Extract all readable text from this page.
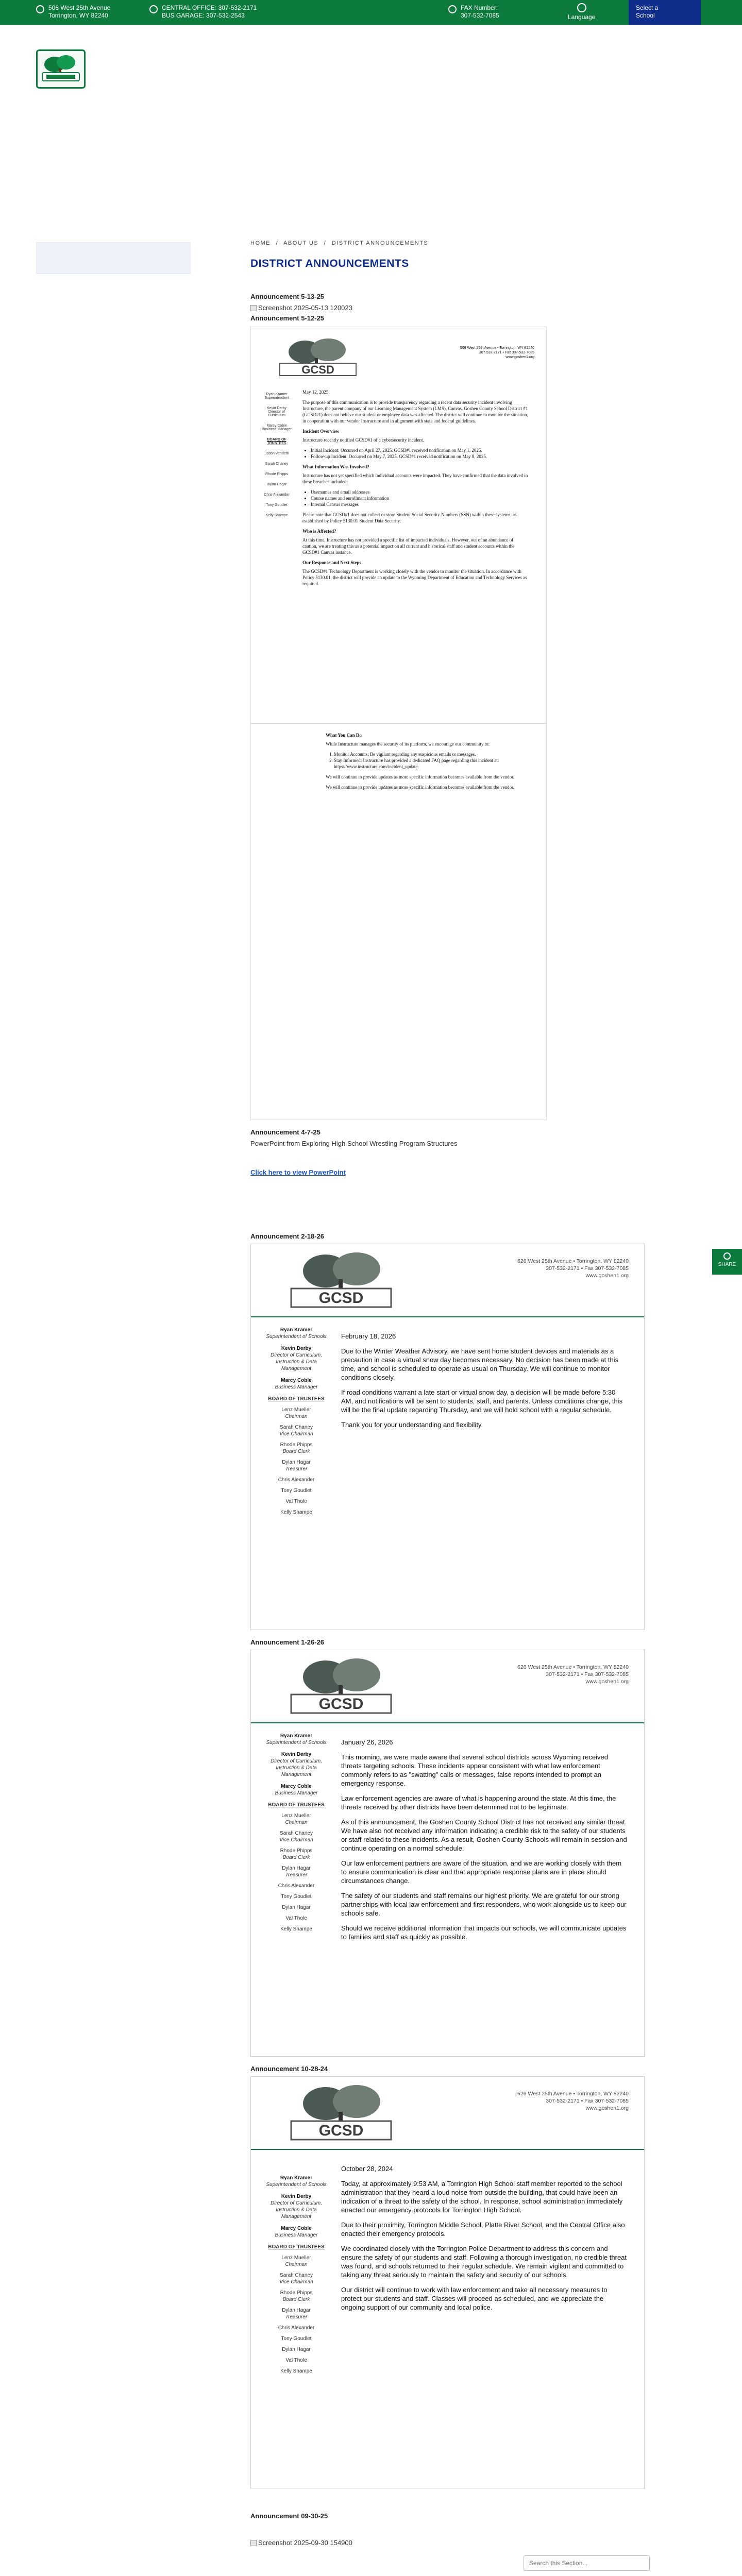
508 West 25th Avenue
Torrington, WY 82240
CENTRAL OFFICE: 307-532-2171
BUS GARAGE: 307-532-2543
FAX Number:
307-532-7085	Language
Select a
School
HOME / ABOUT US / DISTRICT ANNOUNCEMENTS
DISTRICT ANNOUNCEMENTS
Announcement 5-13-25
Screenshot 2025-05-13 120023
Announcement 5-12-25
GCSD

Ryan Kramer
Superintendent

Kevin Derby
Director of Curriculum

Marcy Coble
Business Manager

BOARD OF TRUSTEES

Jason Vendetti

Sarah Chaney

Rhode Phipps

Dylan Hagar

Chris Alexander

Tony Goudlet

Kelly Shampe

508 West 25th Avenue • Torrington, WY 82240
307-532-2171 • Fax 307-532-7085
www.goshen1.org

May 12, 2025

The purpose of this communication is to provide transparency regarding a recent data security incident involving Instructure, the parent company of our Learning Management System (LMS), Canvas. Goshen County School District #1 (GCSD#1) does not believe our student or employee data was affected. The district will continue to monitor the situation, in cooperation with our vendor Instructure and in alignment with state and federal guidelines.

Incident Overview

Instructure recently notified GCSD#1 of a cybersecurity incident.

• Initial Incident: Occurred on April 27, 2025. GCSD#1 received notification on May 1, 2025.
• Follow-up Incident: Occurred on May 7, 2025. GCSD#1 received notification on May 8, 2025.
What Information Was Involved?

Instructure has not yet specified which individual accounts were impacted. They have confirmed that the data involved in these breaches included:

• Usernames and email addresses
• Course names and enrollment information
• Internal Canvas messages

Please note that GCSD#1 does not collect or store Student Social Security Numbers (SSN) within these systems, as established by Policy 5130.01 Student Data Security.

Who is Affected?

At this time, Instructure has not provided a specific list of impacted individuals. However, out of an abundance of caution, we are treating this as a potential impact on all current and historical staff and student accounts within the GCSD#1 Canvas instance.

Our Response and Next Steps

The GCSD#1 Technology Department is working closely with the vendor to monitor the situation. In accordance with Policy 5130.01, the district will provide an update to the Wyoming Department of Education and Technology Services as required.

What You Can Do

While Instructure manages the security of its platform, we encourage our community to:

1. Monitor Accounts: Be vigilant regarding any suspicious emails or messages.
2. Stay Informed: Instructure has provided a dedicated FAQ page regarding this incident at: https://www.instructure.com/incident_update

We will continue to provide updates as more specific information becomes available from the vendor.

We will continue to provide updates as more specific information becomes available from the vendor.

Announcement 4-7-25
PowerPoint from Exploring High School Wrestling Program Structures
Click here to view PowerPoint
Announcement 2-18-26
GCSD
626 West 25th Avenue • Torrington, WY 82240
307-532-2171 • Fax 307-532-7085
www.goshen1.org
Ryan Kramer
Superintendent of Schools
Kevin Derby
Director of Curriculum, Instruction & Data Management
Marcy Coble
Business Manager
BOARD OF TRUSTEES
Lenz Mueller
Chairman
Sarah Chaney
Vice Chairman
Rhode Phipps
Board Clerk
Dylan Hagar
Treasurer
Chris Alexander
Tony Goudlet
Val Thole
Kelly Shampe

February 18, 2026

Due to the Winter Weather Advisory, we have sent home student devices and materials as a precaution in case a virtual snow day becomes necessary. No decision has been made at this time, and school is scheduled to operate as usual on Thursday. We will continue to monitor conditions closely.

If road conditions warrant a late start or virtual snow day, a decision will be made before 5:30 AM, and notifications will be sent to students, staff, and parents. Unless conditions change, this will be the final update regarding Thursday, and we will hold school with a regular schedule.

Thank you for your understanding and flexibility.

Announcement 1-26-26
GCSD
626 West 25th Avenue • Torrington, WY 82240
307-532-2171 • Fax 307-532-7085
www.goshen1.org
Ryan Kramer
Superintendent of Schools
Kevin Derby
Director of Curriculum, Instruction & Data Management
Marcy Coble
Business Manager
BOARD OF TRUSTEES
Lenz Mueller
Chairman
Sarah Chaney
Vice Chairman
Rhode Phipps
Board Clerk
Dylan Hagar
Treasurer
Chris Alexander
Tony Goudlet
Dylan Hagar
Val Thole
Kelly Shampe

January 26, 2026

This morning, we were made aware that several school districts across Wyoming received threats targeting schools. These incidents appear consistent with what law enforcement commonly refers to as "swatting" calls or messages, false reports intended to prompt an emergency response.

Law enforcement agencies are aware of what is happening around the state. At this time, the threats received by other districts have been determined not to be legitimate.

As of this announcement, the Goshen County School District has not received any similar threat. We have also not received any information indicating a credible risk to the safety of our students or staff related to these incidents. As a result, Goshen County Schools will remain in session and continue operating on a normal schedule.

Our law enforcement partners are aware of the situation, and we are working closely with them to ensure communication is clear and that appropriate response plans are in place should circumstances change.

The safety of our students and staff remains our highest priority. We are grateful for our strong partnerships with local law enforcement and first responders, who work alongside us to keep our schools safe.

Should we receive additional information that impacts our schools, we will communicate updates to families and staff as quickly as possible.

Announcement 10-28-24
GCSD
626 West 25th Avenue • Torrington, WY 82240
307-532-2171 • Fax 307-532-7085
www.goshen1.org
Ryan Kramer
Superintendent of Schools
Kevin Derby
Director of Curriculum, Instruction & Data Management
Marcy Coble
Business Manager
BOARD OF TRUSTEES
Lenz Mueller
Chairman
Sarah Chaney
Vice Chairman
Rhode Phipps
Board Clerk
Dylan Hagar
Treasurer
Chris Alexander
Tony Goudlet
Dylan Hagar
Val Thole
Kelly Shampe

October 28, 2024

Today, at approximately 9:53 AM, a Torrington High School staff member reported to the school administration that they heard a loud noise from outside the building, that could have been an indication of a threat to the safety of the school. In response, school administration immediately enacted our emergency protocols for Torrington High School.

Due to their proximity, Torrington Middle School, Platte River School, and the Central Office also enacted their emergency protocols.

We coordinated closely with the Torrington Police Department to address this concern and ensure the safety of our students and staff. Following a thorough investigation, no credible threat was found, and schools returned to their regular schedule. We remain vigilant and committed to taking any threat seriously to maintain the safety and security of our schools.

Our district will continue to work with law enforcement and take all necessary measures to protect our students and staff. Classes will proceed as scheduled, and we appreciate the ongoing support of our community and local police.

Announcement 09-30-25
Screenshot 2025-09-30 154900
Search this Section...
SHARE
